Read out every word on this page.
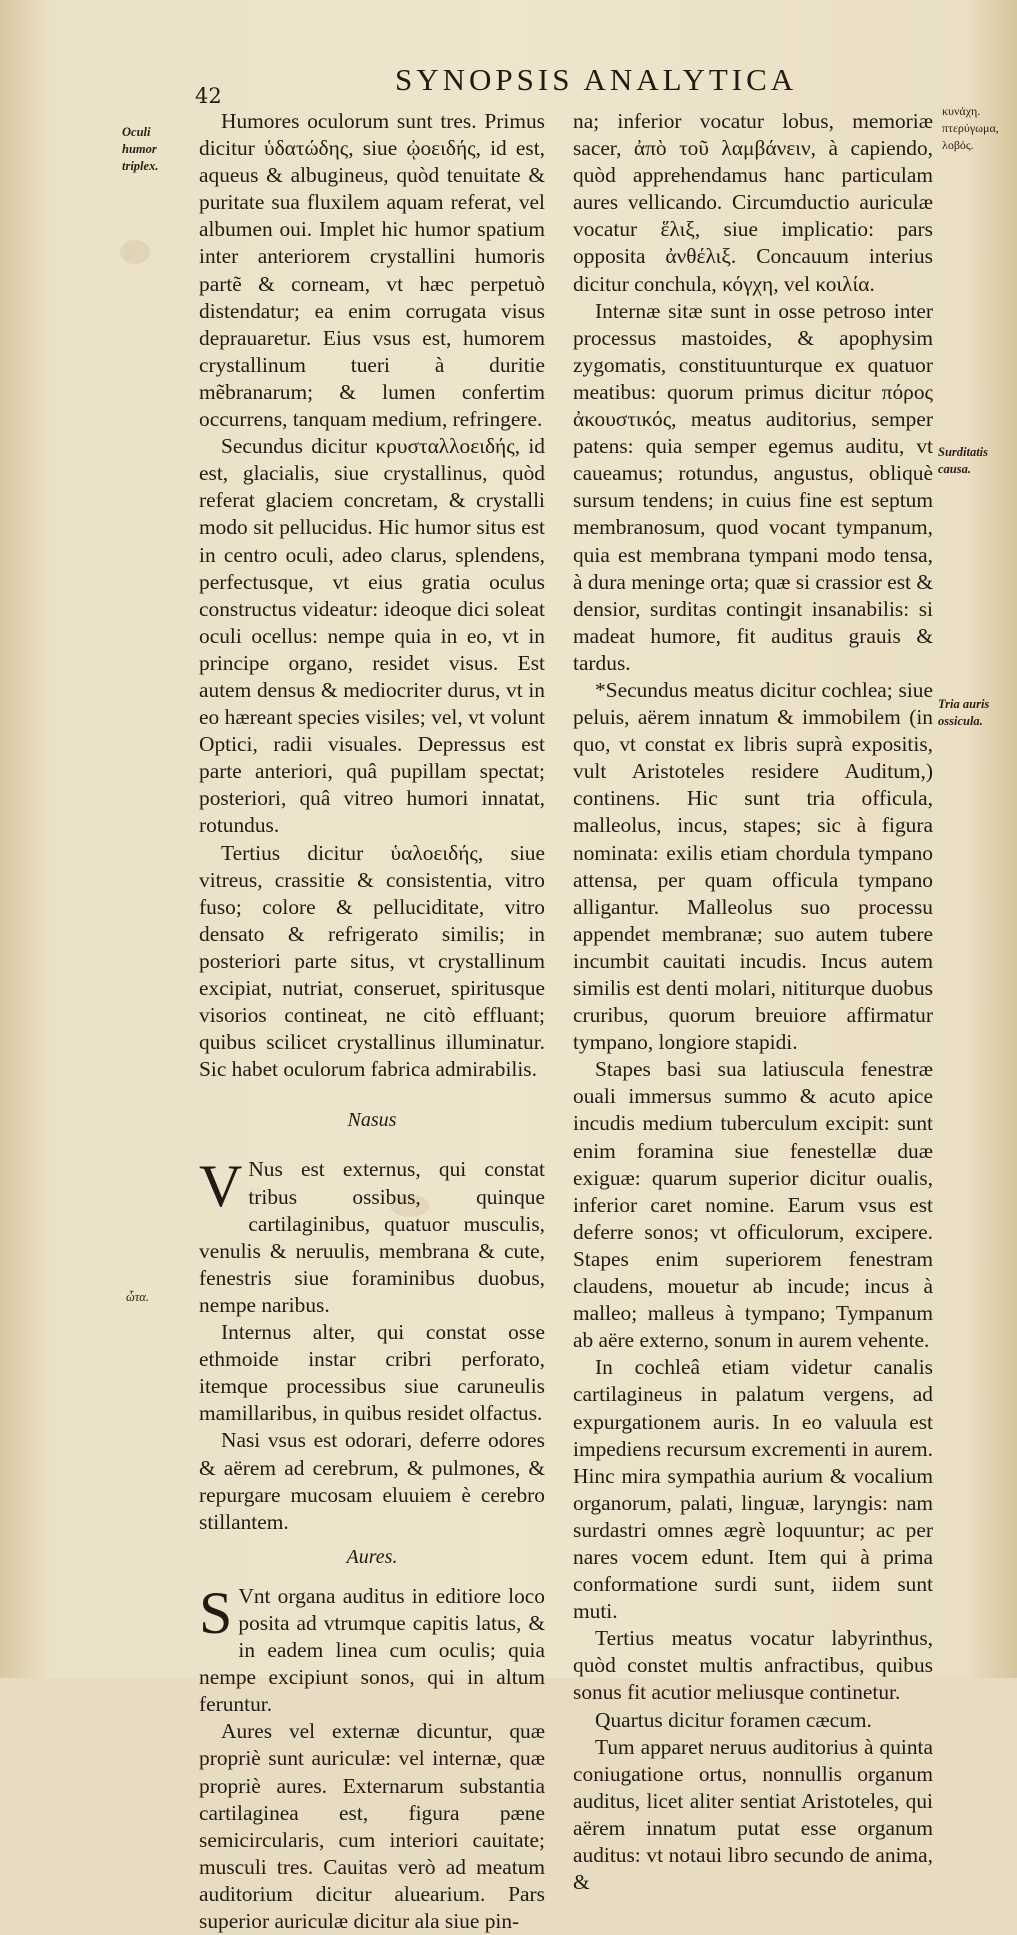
42	SYNOPSIS ANALYTICA
Oculi humor triplex.
ὦτα.
κυνάχη. πτερύγωμα, λοβός.
Surditatis causa.
Tria auris ossicula.

Humores oculorum sunt tres. Primus dicitur ὑδατώδης, siue ᾠοειδής, id est, aqueus & albugineus, quòd tenuitate & puritate sua fluxilem aquam referat, vel albumen oui. Implet hic humor spatium inter anteriorem crystallini humoris partẽ & corneam, vt hæc perpetuò distendatur; ea enim corrugata visus deprauaretur. Eius vsus est, humorem crystallinum tueri à duritie mẽbranarum; & lumen confertim occurrens, tanquam medium, refringere.

Secundus dicitur κρυσταλλοειδής, id est, glacialis, siue crystallinus, quòd referat glaciem concretam, & crystalli modo sit pellucidus. Hic humor situs est in centro oculi, adeo clarus, splendens, perfectusque, vt eius gratia oculus constructus videatur: ideoque dici soleat oculi ocellus: nempe quia in eo, vt in principe organo, residet visus. Est autem densus & mediocriter durus, vt in eo hæreant species visiles; vel, vt volunt Optici, radii visuales. Depressus est parte anteriori, quâ pupillam spectat; posteriori, quâ vitreo humori innatat, rotundus.

Tertius dicitur ὑαλοειδής, siue vitreus, crassitie & consistentia, vitro fuso; colore & pelluciditate, vitro densato & refrigerato similis; in posteriori parte situs, vt crystallinum excipiat, nutriat, conseruet, spiritusque visorios contineat, ne citò effluant; quibus scilicet crystallinus illuminatur. Sic habet oculorum fabrica admirabilis.

Nasus

V Nus est externus, qui constat tribus ossibus, quinque cartilaginibus, quatuor musculis, venulis & neruulis, membrana & cute, fenestris siue foraminibus duobus, nempe naribus.

Internus alter, qui constat osse ethmoide instar cribri perforato, itemque processibus siue caruneulis mamillaribus, in quibus residet olfactus.

Nasi vsus est odorari, deferre odores & aërem ad cerebrum, & pulmones, & repurgare mucosam eluuiem è cerebro stillantem.

Aures.

S Vnt organa auditus in editiore loco posita ad vtrumque capitis latus, & in eadem linea cum oculis; quia nempe excipiunt sonos, qui in altum feruntur.

Aures vel externæ dicuntur, quæ propriè sunt auriculæ: vel internæ, quæ propriè aures. Externarum substantia cartilaginea est, figura pæne semicircularis, cum interiori cauitate; musculi tres. Cauitas verò ad meatum auditorium dicitur aluearium. Pars superior auriculæ dicitur ala siue pin-

na; inferior vocatur lobus, memoriæ sacer, ἀπὸ τοῦ λαμβάνειν, à capiendo, quòd apprehendamus hanc particulam aures vellicando. Circumductio auriculæ vocatur ἕλιξ, siue implicatio: pars opposita ἀνθέλιξ. Concauum interius dicitur conchula, κόγχη, vel κοιλία.

Internæ sitæ sunt in osse petroso inter processus mastoides, & apophysim zygomatis, constituunturque ex quatuor meatibus: quorum primus dicitur πόρος ἀκουστικός, meatus auditorius, semper patens: quia semper egemus auditu, vt caueamus; rotundus, angustus, obliquè sursum tendens; in cuius fine est septum membranosum, quod vocant tympanum, quia est membrana tympani modo tensa, à dura meninge orta; quæ si crassior est & densior, surditas contingit insanabilis: si madeat humore, fit auditus grauis & tardus.

*Secundus meatus dicitur cochlea; siue peluis, aërem innatum & immobilem (in quo, vt constat ex libris suprà expositis, vult Aristoteles residere Auditum,) continens. Hic sunt tria officula, malleolus, incus, stapes; sic à figura nominata: exilis etiam chordula tympano attensa, per quam officula tympano alligantur. Malleolus suo processu appendet membranæ; suo autem tubere incumbit cauitati incudis. Incus autem similis est denti molari, nititurque duobus cruribus, quorum breuiore affirmatur tympano, longiore stapidi.

Stapes basi sua latiuscula fenestræ ouali immersus summo & acuto apice incudis medium tuberculum excipit: sunt enim foramina siue fenestellæ duæ exiguæ: quarum superior dicitur oualis, inferior caret nomine. Earum vsus est deferre sonos; vt officulorum, excipere. Stapes enim superiorem fenestram claudens, mouetur ab incude; incus à malleo; malleus à tympano; Tympanum ab aëre externo, sonum in aurem vehente.

In cochleâ etiam videtur canalis cartilagineus in palatum vergens, ad expurgationem auris. In eo valuula est impediens recursum excrementi in aurem. Hinc mira sympathia aurium & vocalium organorum, palati, linguæ, laryngis: nam surdastri omnes ægrè loquuntur; ac per nares vocem edunt. Item qui à prima conformatione surdi sunt, iidem sunt muti.

Tertius meatus vocatur labyrinthus, quòd constet multis anfractibus, quibus sonus fit acutior meliusque continetur.

Quartus dicitur foramen cæcum.

Tum apparet neruus auditorius à quinta coniugatione ortus, nonnullis organum auditus, licet aliter sentiat Aristoteles, qui aërem innatum putat esse organum auditus: vt notaui libro secundo de anima, &
